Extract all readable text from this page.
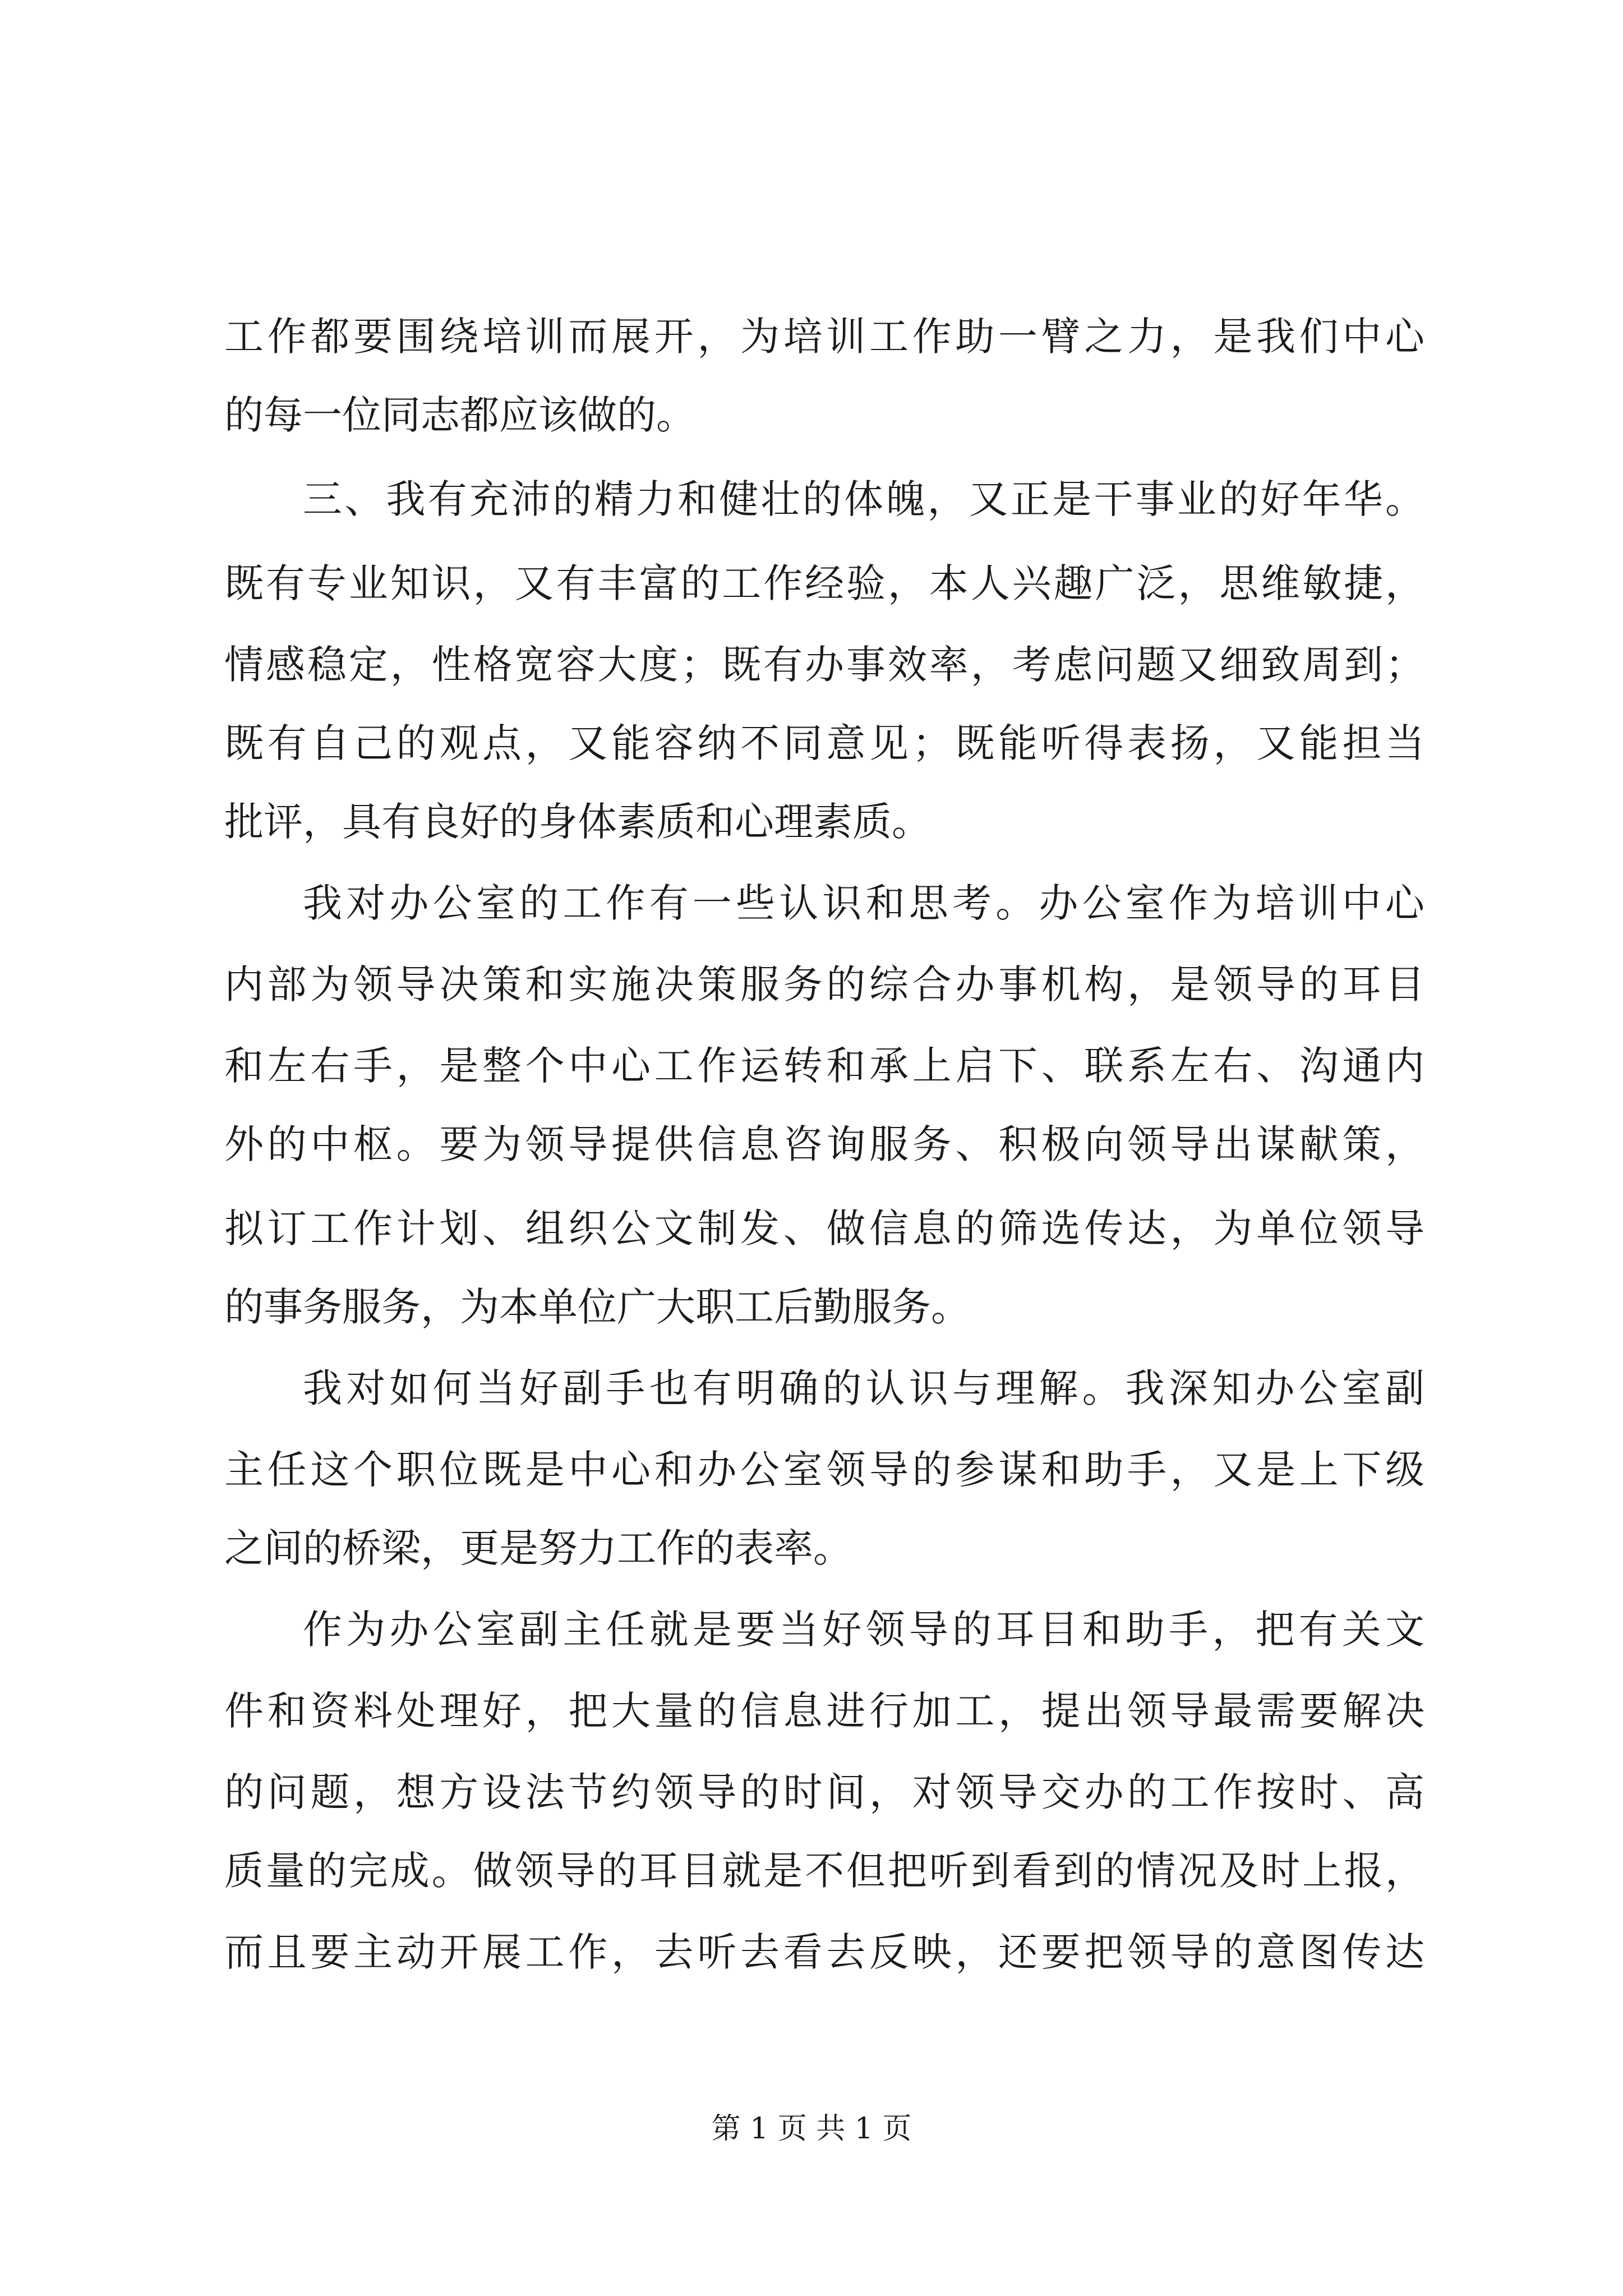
工作都要围绕培训而展开，为培训工作助一臂之力，是我们中心
的每一位同志都应该做的。
三、我有充沛的精力和健壮的体魄，又正是干事业的好年华。
既有专业知识，又有丰富的工作经验，本人兴趣广泛，思维敏捷，
情感稳定，性格宽容大度；既有办事效率，考虑问题又细致周到；
既有自己的观点，又能容纳不同意见；既能听得表扬，又能担当
批评，具有良好的身体素质和心理素质。
我对办公室的工作有一些认识和思考。办公室作为培训中心
内部为领导决策和实施决策服务的综合办事机构，是领导的耳目
和左右手，是整个中心工作运转和承上启下、联系左右、沟通内
外的中枢。要为领导提供信息咨询服务、积极向领导出谋献策，
拟订工作计划、组织公文制发、做信息的筛选传达，为单位领导
的事务服务，为本单位广大职工后勤服务。
我对如何当好副手也有明确的认识与理解。我深知办公室副
主任这个职位既是中心和办公室领导的参谋和助手，又是上下级
之间的桥梁，更是努力工作的表率。
作为办公室副主任就是要当好领导的耳目和助手，把有关文
件和资料处理好，把大量的信息进行加工，提出领导最需要解决
的问题，想方设法节约领导的时间，对领导交办的工作按时、高
质量的完成。做领导的耳目就是不但把听到看到的情况及时上报，
而且要主动开展工作，去听去看去反映，还要把领导的意图传达
第 1 页 共 1 页
